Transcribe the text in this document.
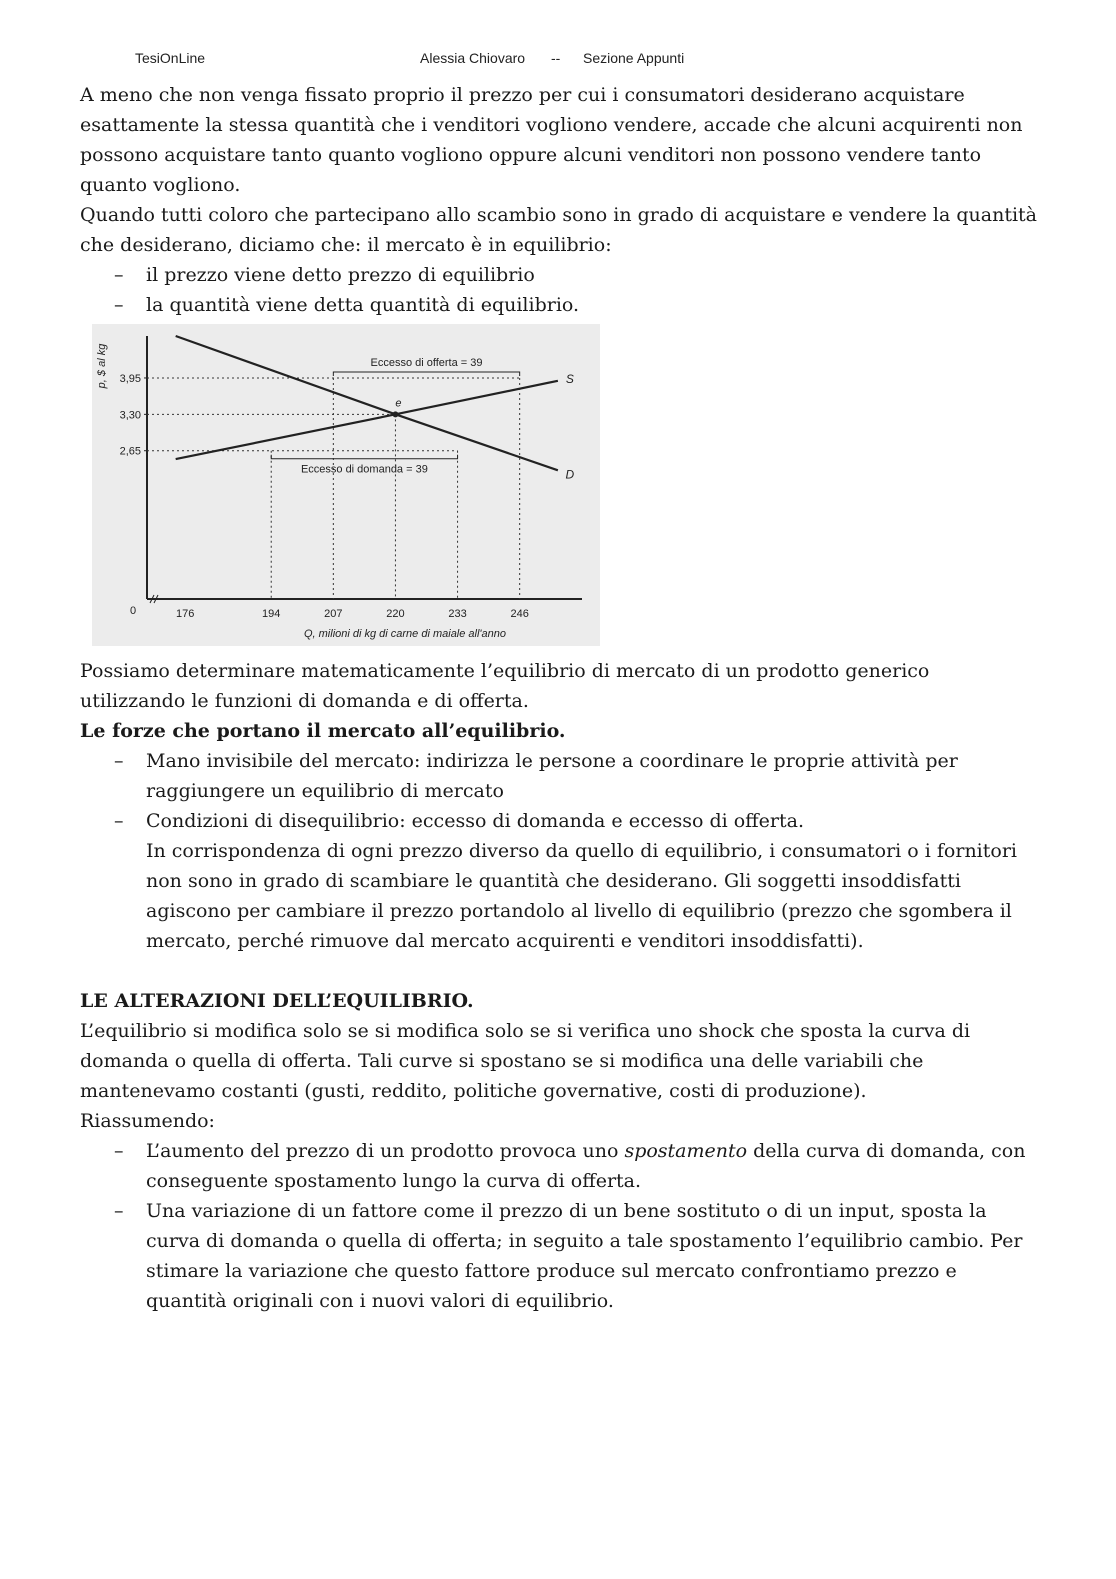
TesiOnLine	Alessia Chiovaro -- Sezione Appunti

A meno che non venga fissato proprio il prezzo per cui i consumatori desiderano acquistare esattamente la stessa quantità che i venditori vogliono vendere, accade che alcuni acquirenti non possono acquistare tanto quanto vogliono oppure alcuni venditori non possono vendere tanto quanto vogliono.

Quando tutti coloro che partecipano allo scambio sono in grado di acquistare e vendere la quantità che desiderano, diciamo che: il mercato è in equilibrio:

– il prezzo viene detto prezzo di equilibrio
– la quantità viene detta quantità di equilibrio.
2,65
3,30
3,95
176	194	207	220	233	246
0
p, $ al kg
Q, milioni di kg di carne di maiale all'anno
Eccesso di offerta = 39
Eccesso di domanda = 39	D
S
e

Possiamo determinare matematicamente l’equilibrio di mercato di un prodotto generico utilizzando le funzioni di domanda e di offerta.

Le forze che portano il mercato all’equilibrio.

– Mano invisibile del mercato: indirizza le persone a coordinare le proprie attività per raggiungere un equilibrio di mercato
– Condizioni di disequilibrio: eccesso di domanda e eccesso di offerta.
In corrispondenza di ogni prezzo diverso da quello di equilibrio, i consumatori o i fornitori non sono in grado di scambiare le quantità che desiderano. Gli soggetti insoddisfatti agiscono per cambiare il prezzo portandolo al livello di equilibrio (prezzo che sgombera il mercato, perché rimuove dal mercato acquirenti e venditori insoddisfatti).

LE ALTERAZIONI DELL’EQUILIBRIO.

L’equilibrio si modifica solo se si modifica solo se si verifica uno shock che sposta la curva di domanda o quella di offerta. Tali curve si spostano se si modifica una delle variabili che mantenevamo costanti (gusti, reddito, politiche governative, costi di produzione).

Riassumendo:

– L’aumento del prezzo di un prodotto provoca uno spostamento della curva di domanda, con conseguente spostamento lungo la curva di offerta.
– Una variazione di un fattore come il prezzo di un bene sostituto o di un input, sposta la curva di domanda o quella di offerta; in seguito a tale spostamento l’equilibrio cambio. Per stimare la variazione che questo fattore produce sul mercato confrontiamo prezzo e quantità originali con i nuovi valori di equilibrio.
